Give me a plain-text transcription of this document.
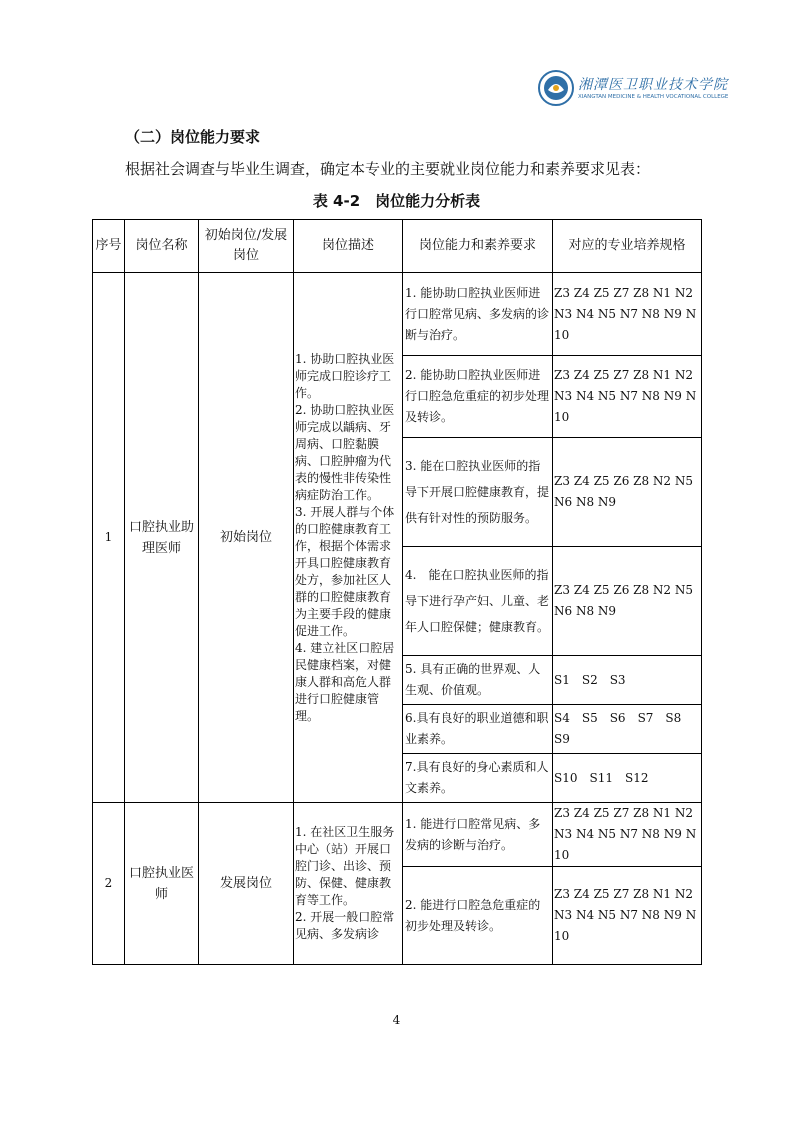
湘潭医卫职业技术学院
XIANGTAN MEDICINE & HEALTH VOCATIONAL COLLEGE
（二）岗位能力要求
根据社会调查与毕业生调查，确定本专业的主要就业岗位能力和素养要求见表：
表 4-2　岗位能力分析表
序号	岗位名称	初始岗位/发展岗位	岗位描述	岗位能力和素养要求	对应的专业培养规格
1	口腔执业助理医师	初始岗位	1. 协助口腔执业医师完成口腔诊疗工作。
2. 协助口腔执业医师完成以龋病、牙周病、口腔黏膜病、口腔肿瘤为代表的慢性非传染性病症防治工作。
3. 开展人群与个体的口腔健康教育工作，根据个体需求开具口腔健康教育处方，参加社区人群的口腔健康教育为主要手段的健康促进工作。
4. 建立社区口腔居民健康档案，对健康人群和高危人群进行口腔健康管理。	1. 能协助口腔执业医师进行口腔常见病、多发病的诊断与治疗。	Z3 Z4 Z5 Z7 Z8 N1 N2 N3 N4 N5 N7 N8 N9 N10
				2. 能协助口腔执业医师进行口腔急危重症的初步处理及转诊。	Z3 Z4 Z5 Z7 Z8 N1 N2 N3 N4 N5 N7 N8 N9 N10
				3. 能在口腔执业医师的指导下开展口腔健康教育，提供有针对性的预防服务。	Z3 Z4 Z5 Z6 Z8 N2 N5 N6 N8 N9
				4.　能在口腔执业医师的指导下进行孕产妇、儿童、老年人口腔保健；健康教育。	Z3 Z4 Z5 Z6 Z8 N2 N5 N6 N8 N9
				5. 具有正确的世界观、人生观、价值观。	S1　S2　S3
				6.具有良好的职业道德和职业素养。	S4　S5　S6　S7　S8　S9
				7.具有良好的身心素质和人文素养。	S10　S11　S12
2	口腔执业医师	发展岗位	1. 在社区卫生服务中心（站）开展口腔门诊、出诊、预防、保健、健康教育等工作。
2. 开展一般口腔常见病、多发病诊	1. 能进行口腔常见病、多发病的诊断与治疗。	Z3 Z4 Z5 Z7 Z8 N1 N2 N3 N4 N5 N7 N8 N9 N10
				2. 能进行口腔急危重症的初步处理及转诊。	Z3 Z4 Z5 Z7 Z8 N1 N2 N3 N4 N5 N7 N8 N9 N10
4
